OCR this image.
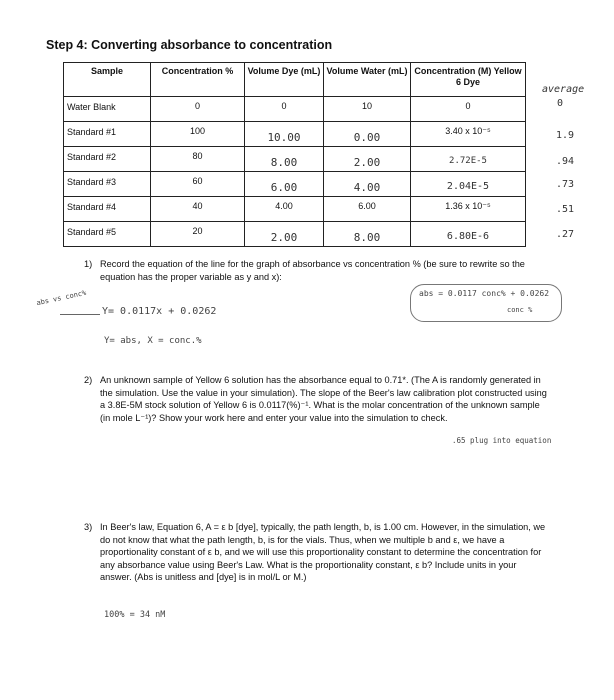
Step 4: Converting absorbance to concentration
Sample	Concentration %	Volume Dye (mL)	Volume Water (mL)	Concentration (M) Yellow 6 Dye

Water Blank	0	0	10	0

Standard #1	100	10.00	0.00	3.40 x 10⁻⁵

Standard #2	80	8.00	2.00	2.72E-5

Standard #3	60	6.00	4.00	2.04E-5

Standard #4	40	4.00	6.00	1.36 x 10⁻⁵

Standard #5	20	2.00	8.00	6.80E-6
average
0
1.9
.94
.73
.51
.27
1) Record the equation of the line for the graph of absorbance vs concentration % (be sure to rewrite so the equation has the proper variable as y and x):
abs vs conc%
Y= 0.0117x + 0.0262
abs = 0.0117 conc% + 0.0262
conc %
Y= abs, X = conc.%
2) An unknown sample of Yellow 6 solution has the absorbance equal to 0.71*. (The A is randomly generated in the simulation. Use the value in your simulation). The slope of the Beer's law calibration plot constructed using a 3.8E-5M stock solution of Yellow 6 is 0.0117(%)⁻¹. What is the molar concentration of the unknown sample (in mole L⁻¹)? Show your work here and enter your value into the simulation to check.
.65 plug into equation
3) In Beer's law, Equation 6, A = ε b [dye], typically, the path length, b, is 1.00 cm. However, in the simulation, we do not know that what the path length, b, is for the vials. Thus, when we multiple b and ε, we have a proportionality constant of ε b, and we will use this proportionality constant to determine the concentration for any absorbance value using Beer's Law. What is the proportionality constant, ε b? Include units in your answer. (Abs is unitless and [dye] is in mol/L or M.)
100% = 34 nM
